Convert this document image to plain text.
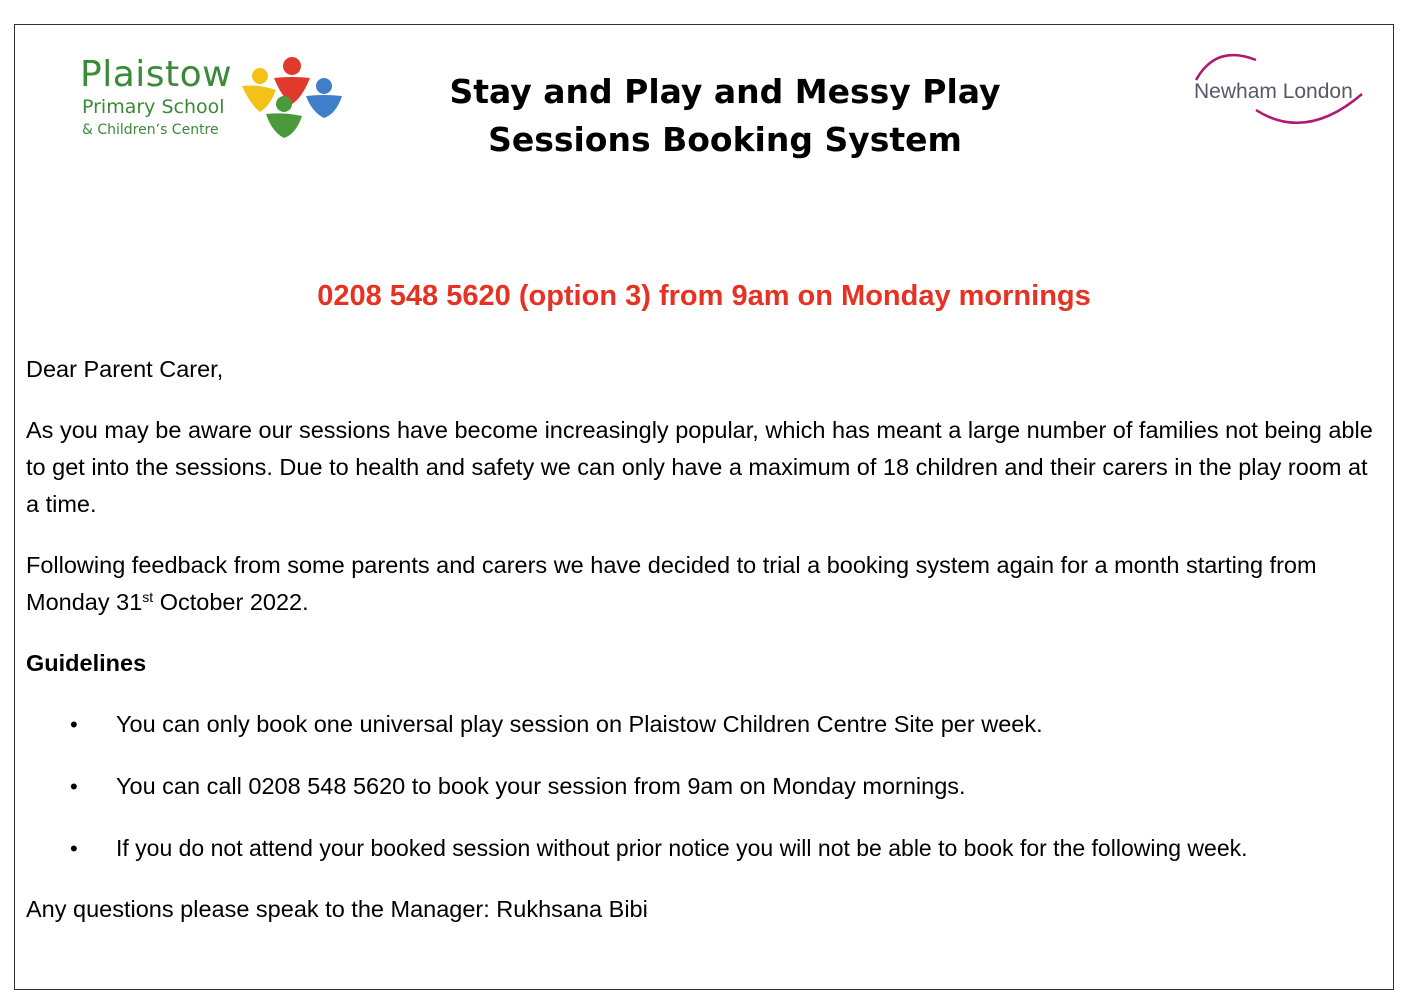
Plaistow
Primary School
& Children’s Centre
Newham London
Stay and Play and Messy Play
Sessions Booking System
0208 548 5620 (option 3) from 9am on Monday mornings
Dear Parent Carer,
As you may be aware our sessions have become increasingly popular, which has meant a large number of families not being able to get into the sessions. Due to health and safety we can only have a maximum of 18 children and their carers in the play room at a time.
Following feedback from some parents and carers we have decided to trial a booking system again for a month starting from Monday 31st October 2022.
Guidelines
• You can only book one universal play session on Plaistow Children Centre Site per week.
• You can call 0208 548 5620 to book your session from 9am on Monday mornings.
• If you do not attend your booked session without prior notice you will not be able to book for the following week.
Any questions please speak to the Manager: Rukhsana Bibi
